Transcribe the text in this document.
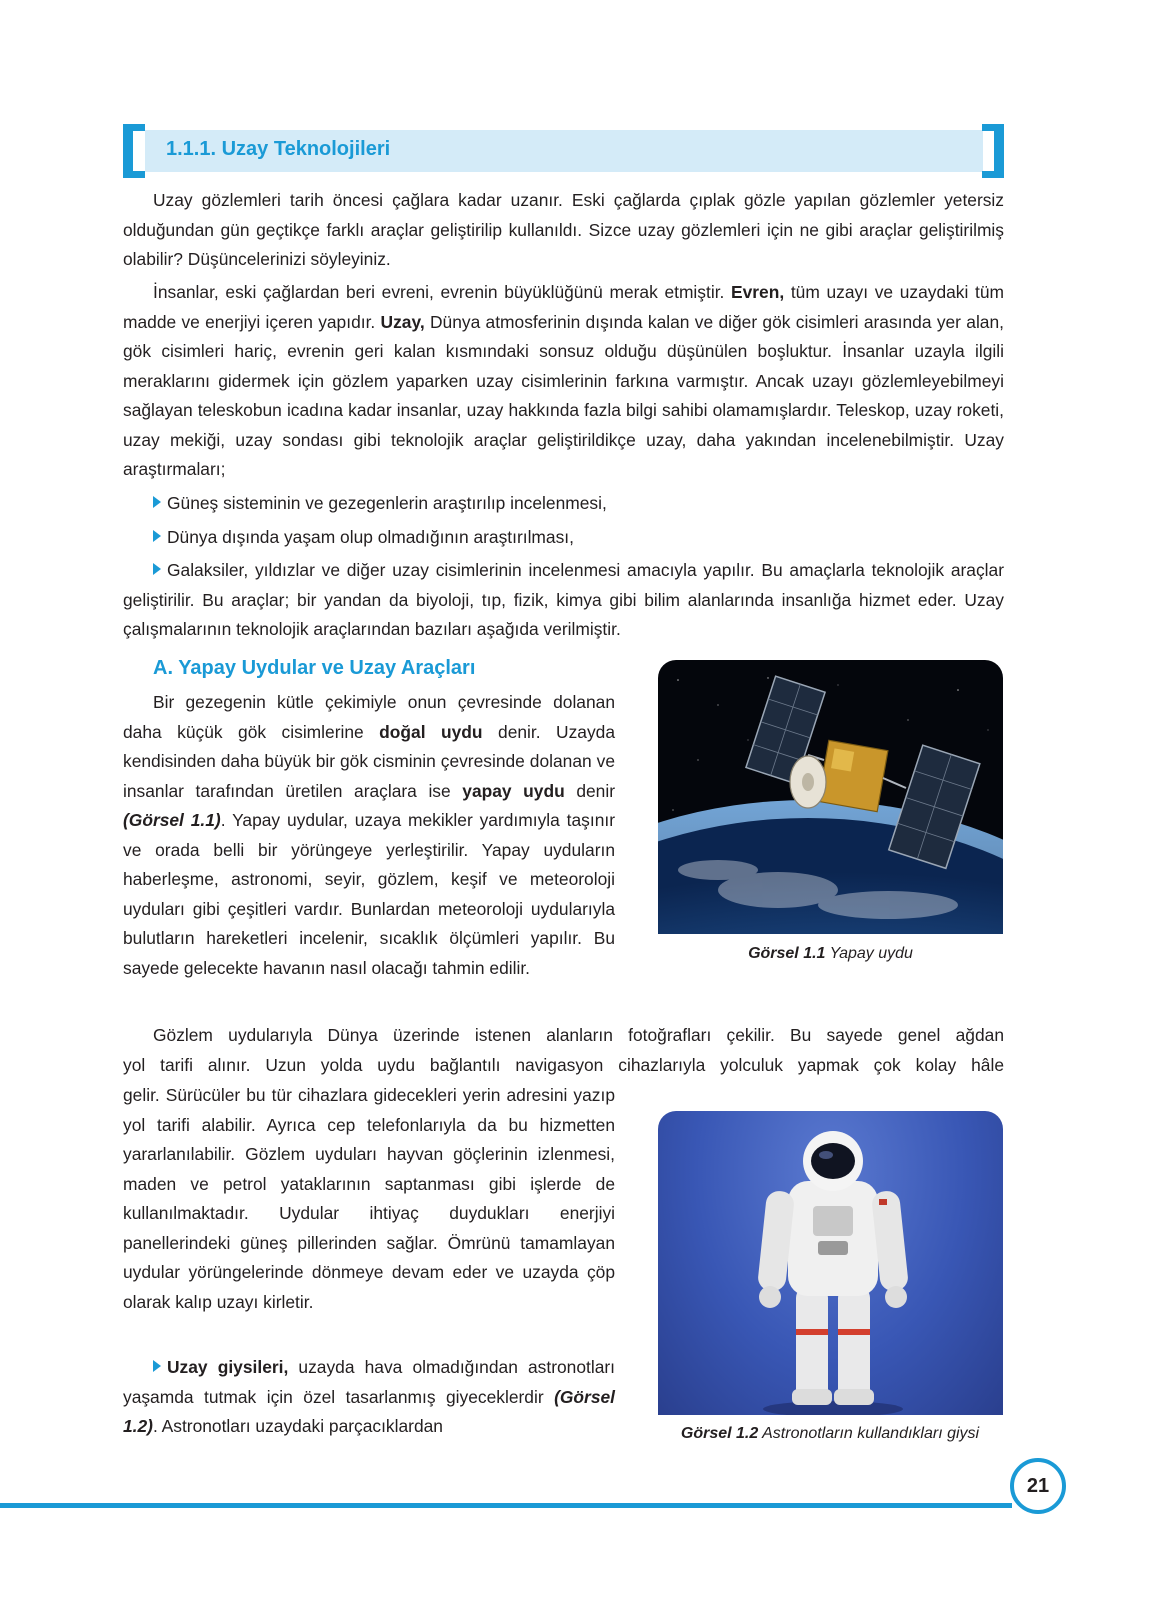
1.1.1. Uzay Teknolojileri

Uzay gözlemleri tarih öncesi çağlara kadar uzanır. Eski çağlarda çıplak gözle yapılan gözlemler yetersiz olduğundan gün geçtikçe farklı araçlar geliştirilip kullanıldı. Sizce uzay gözlemleri için ne gibi araçlar geliştirilmiş olabilir? Düşüncelerinizi söyleyiniz.

İnsanlar, eski çağlardan beri evreni, evrenin büyüklüğünü merak etmiştir. Evren, tüm uzayı ve uzaydaki tüm madde ve enerjiyi içeren yapıdır. Uzay, Dünya atmosferinin dışında kalan ve diğer gök cisimleri arasında yer alan, gök cisimleri hariç, evrenin geri kalan kısmındaki sonsuz olduğu düşünülen boşluktur. İnsanlar uzayla ilgili meraklarını gidermek için gözlem yaparken uzay cisimlerinin farkına varmıştır. Ancak uzayı gözlemleyebilmeyi sağlayan teleskobun icadına kadar insanlar, uzay hakkında fazla bilgi sahibi olamamışlardır. Teleskop, uzay roketi, uzay mekiği, uzay sondası gibi teknolojik araçlar geliştirildikçe uzay, daha yakından incelenebilmiştir. Uzay araştırmaları;

Güneş sisteminin ve gezegenlerin araştırılıp incelenmesi,

Dünya dışında yaşam olup olmadığının araştırılması,

Galaksiler, yıldızlar ve diğer uzay cisimlerinin incelenmesi amacıyla yapılır. Bu amaçlarla teknolojik araçlar geliştirilir. Bu araçlar; bir yandan da biyoloji, tıp, fizik, kimya gibi bilim alanlarında insanlığa hizmet eder. Uzay çalışmalarının teknolojik araçlarından bazıları aşağıda verilmiştir.

A. Yapay Uydular ve Uzay Araçları

Bir gezegenin kütle çekimiyle onun çevresinde dolanan daha küçük gök cisimlerine doğal uydu denir. Uzayda kendisinden daha büyük bir gök cisminin çevresinde dolanan ve insanlar tarafından üretilen araçlara ise yapay uydu denir (Görsel 1.1). Yapay uydular, uzaya mekikler yardımıyla taşınır ve orada belli bir yörüngeye yerleştirilir. Yapay uyduların haberleşme, astronomi, seyir, gözlem, keşif ve meteoroloji uyduları gibi çeşitleri vardır. Bunlardan meteoroloji uydularıyla bulutların hareketleri incelenir, sıcaklık ölçümleri yapılır. Bu sayede gelecekte havanın nasıl olacağı tahmin edilir.

Görsel 1.1 Yapay uydu

Gözlem uydularıyla Dünya üzerinde istenen alanların fotoğrafları çekilir. Bu sayede genel ağdan

yol tarifi alınır. Uzun yolda uydu bağlantılı navigasyon cihazlarıyla yolculuk yapmak çok kolay hâle

gelir. Sürücüler bu tür cihazlara gidecekleri yerin adresini yazıp yol tarifi alabilir. Ayrıca cep telefonlarıyla da bu hizmetten yararlanılabilir. Gözlem uyduları hayvan göçlerinin izlenmesi, maden ve petrol yataklarının saptanması gibi işlerde de kullanılmaktadır. Uydular ihtiyaç duydukları enerjiyi panellerindeki güneş pillerinden sağlar. Ömrünü tamamlayan uydular yörüngelerinde dönmeye devam eder ve uzayda çöp olarak kalıp uzayı kirletir.

Uzay giysileri, uzayda hava olmadığından astronotları yaşamda tutmak için özel tasarlanmış giyeceklerdir (Görsel 1.2). Astronotları uzaydaki parçacıklardan	Görsel 1.2 Astronotların kullandıkları giysi
21
